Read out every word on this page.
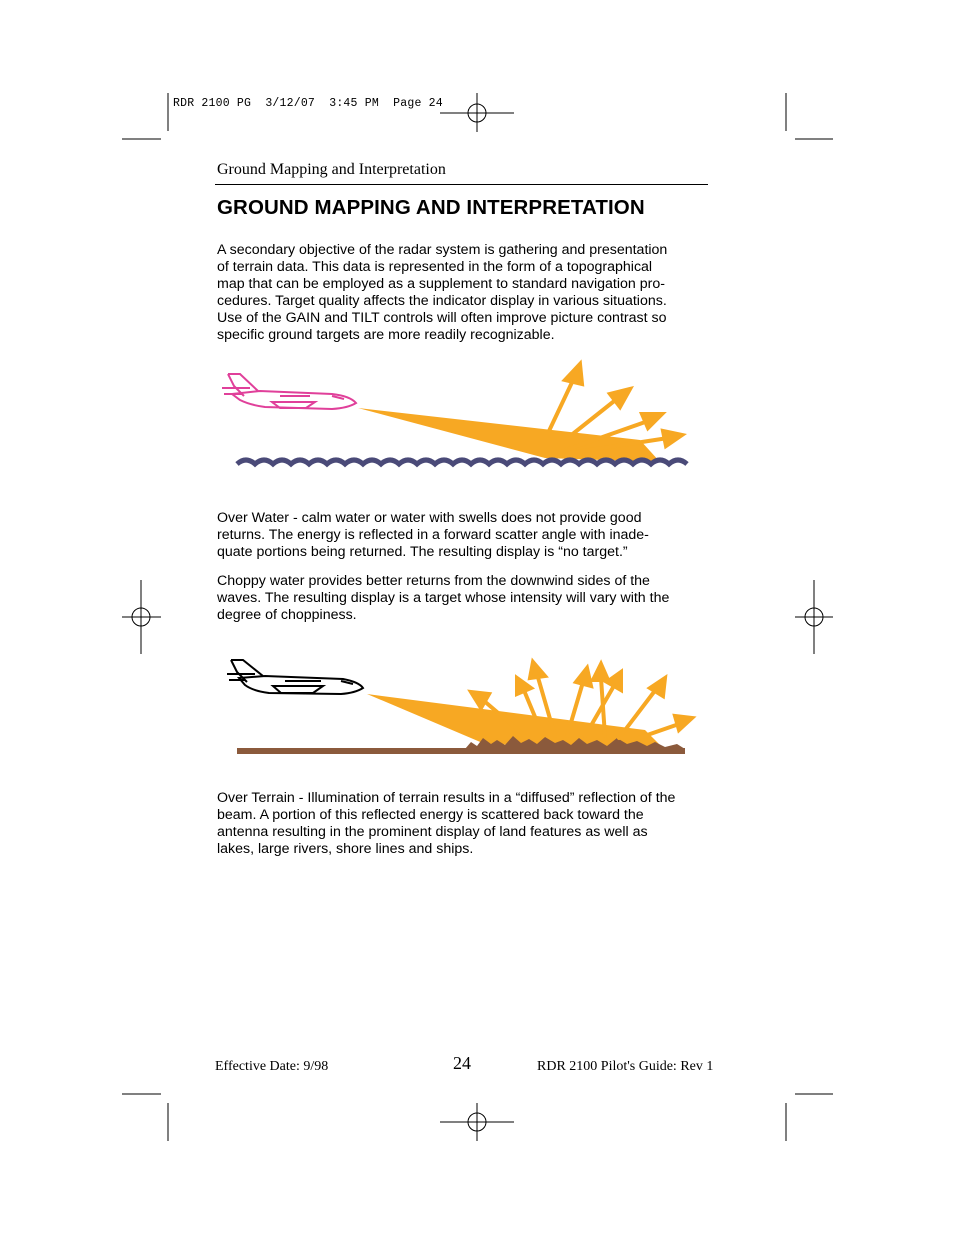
RDR 2100 PG  3/12/07  3:45 PM  Page 24
Ground Mapping and Interpretation
GROUND MAPPING AND INTERPRETATION
A secondary objective of the radar system is gathering and presentation
of terrain data. This data is represented in the form of a topographical
map that can be employed as a supplement to standard navigation pro-
cedures. Target quality affects the indicator display in various situations.
Use of the GAIN and TILT controls will often improve picture contrast so
specific ground targets are more readily recognizable.
Over Water - calm water or water with swells does not provide good
returns. The energy is reflected in a forward scatter angle with inade-
quate portions being returned. The resulting display is “no target.”
Choppy water provides better returns from the downwind sides of the
waves. The resulting display is a target whose intensity will vary with the
degree of choppiness.
Over Terrain - Illumination of terrain results in a “diffused” reflection of the
beam. A portion of this reflected energy is scattered back toward the
antenna resulting in the prominent display of land features as well as
lakes, large rivers, shore lines and ships.
Effective Date: 9/98	24	RDR 2100 Pilot's Guide: Rev 1
